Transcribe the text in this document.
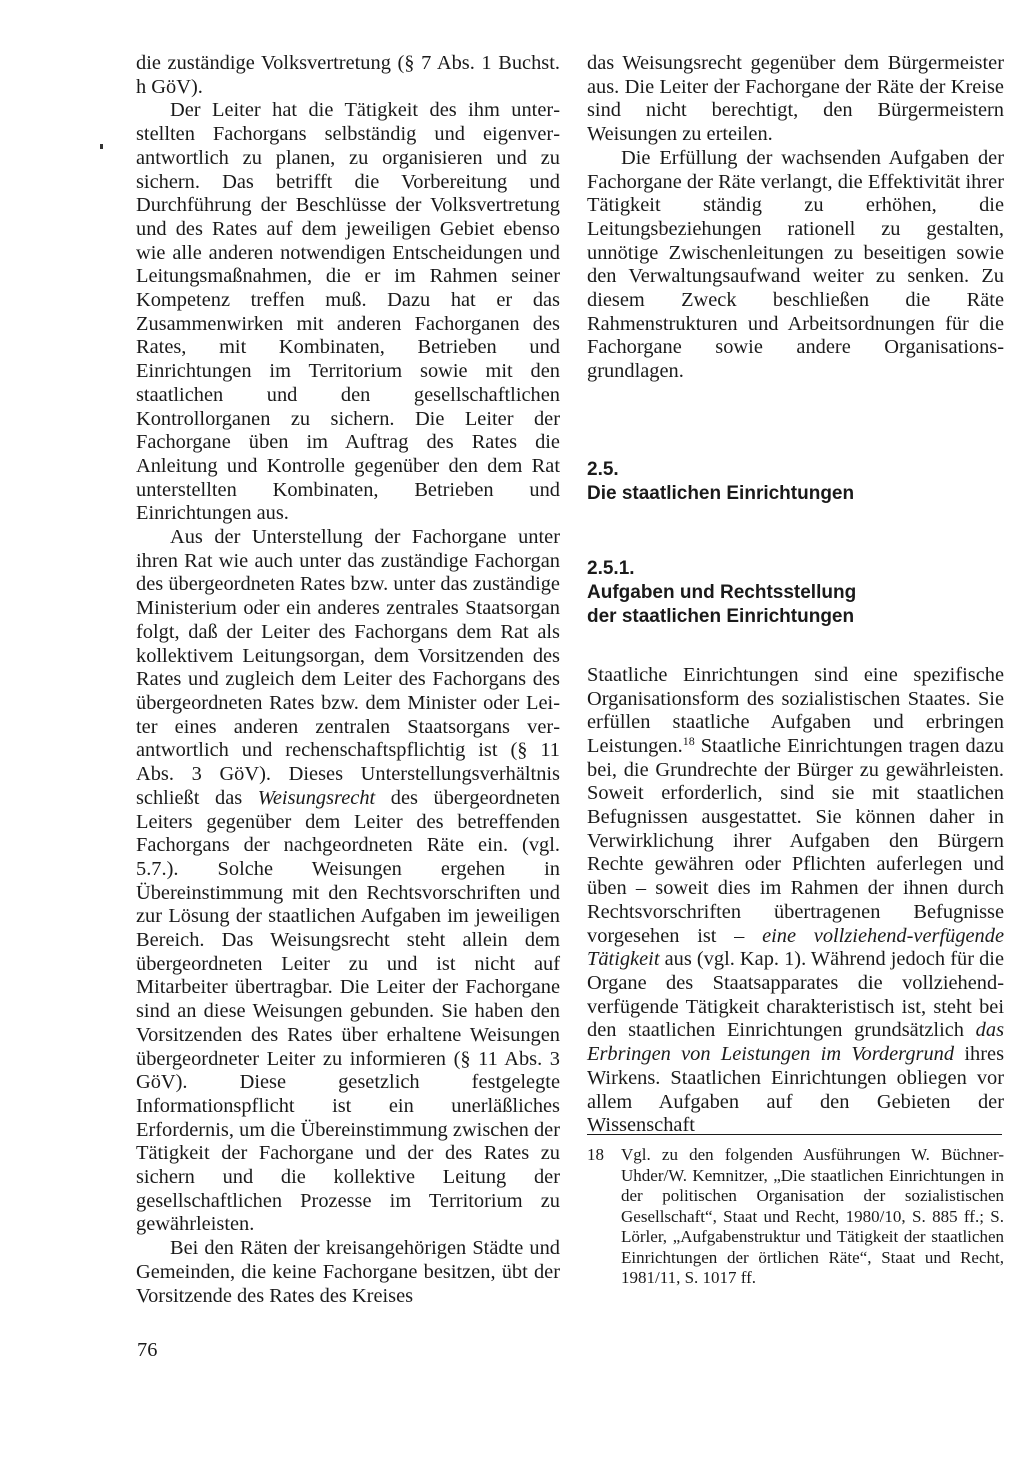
die zuständige Volksvertretung (§ 7 Abs. 1 Buchst. h GöV).

Der Leiter hat die Tätigkeit des ihm unterstellten Fachorgans selbständig und eigenverantwortlich zu planen, zu organisieren und zu sichern. Das betrifft die Vorbereitung und Durchführung der Beschlüsse der Volksvertretung und des Rates auf dem jeweiligen Gebiet ebenso wie alle anderen notwendigen Entscheidungen und Leitungsmaßnahmen, die er im Rahmen seiner Kompetenz treffen muß. Dazu hat er das Zusammenwirken mit anderen Fachorganen des Rates, mit Kombinaten, Betrieben und Einrichtungen im Territorium sowie mit den staatlichen und den gesellschaftlichen Kontrollorganen zu sichern. Die Leiter der Fachorgane üben im Auftrag des Rates die Anleitung und Kontrolle gegenüber den dem Rat unterstellten Kombinaten, Betrieben und Einrichtungen aus.

Aus der Unterstellung der Fachorgane unter ihren Rat wie auch unter das zuständige Fachorgan des übergeordneten Rates bzw. unter das zuständige Ministerium oder ein anderes zentrales Staatsorgan folgt, daß der Leiter des Fachorgans dem Rat als kollektivem Leitungsorgan, dem Vorsitzenden des Rates und zugleich dem Leiter des Fachorgans des übergeordneten Rates bzw. dem Minister oder Leiter eines anderen zentralen Staatsorgans verantwortlich und rechenschaftspflichtig ist (§ 11 Abs. 3 GöV). Dieses Unterstellungsverhältnis schließt das Weisungsrecht des übergeordneten Leiters gegenüber dem Leiter des betreffenden Fachorgans der nachgeordneten Räte ein. (vgl. 5.7.). Solche Weisungen ergehen in Übereinstimmung mit den Rechtsvorschriften und zur Lösung der staatlichen Aufgaben im jeweiligen Bereich. Das Weisungsrecht steht allein dem übergeordneten Leiter zu und ist nicht auf Mitarbeiter übertragbar. Die Leiter der Fachorgane sind an diese Weisungen gebunden. Sie haben den Vorsitzenden des Rates über erhaltene Weisungen übergeordneter Leiter zu informieren (§ 11 Abs. 3 GöV). Diese gesetzlich festgelegte Informationspflicht ist ein unerläßliches Erfordernis, um die Übereinstimmung zwischen der Tätigkeit der Fachorgane und der des Rates zu sichern und die kollektive Leitung der gesellschaftlichen Prozesse im Territorium zu gewährleisten.

Bei den Räten der kreisangehörigen Städte und Gemeinden, die keine Fachorgane besitzen, übt der Vorsitzende des Rates des Kreises

das Weisungsrecht gegenüber dem Bürgermeister aus. Die Leiter der Fachorgane der Räte der Kreise sind nicht berechtigt, den Bürgermeistern Weisungen zu erteilen.

Die Erfüllung der wachsenden Aufgaben der Fachorgane der Räte verlangt, die Effektivität ihrer Tätigkeit ständig zu erhöhen, die Leitungsbeziehungen rationell zu gestalten, unnötige Zwischenleitungen zu beseitigen sowie den Verwaltungsaufwand weiter zu senken. Zu diesem Zweck beschließen die Räte Rahmenstrukturen und Arbeitsordnungen für die Fachorgane sowie andere Organisationsgrundlagen.

2.5.
Die staatlichen Einrichtungen
2.5.1.
Aufgaben und Rechtsstellung
der staatlichen Einrichtungen

Staatliche Einrichtungen sind eine spezifische Organisationsform des sozialistischen Staates. Sie erfüllen staatliche Aufgaben und erbringen Leistungen.$^{18}$ Staatliche Einrichtungen tragen dazu bei, die Grundrechte der Bürger zu gewährleisten. Soweit erforderlich, sind sie mit staatlichen Befugnissen ausgestattet. Sie können daher in Verwirklichung ihrer Aufgaben den Bürgern Rechte gewähren oder Pflichten auferlegen und üben – soweit dies im Rahmen der ihnen durch Rechtsvorschriften übertragenen Befugnisse vorgesehen ist – eine vollziehend-verfügende Tätigkeit aus (vgl. Kap. 1). Während jedoch für die Organe des Staatsapparates die vollziehend-verfügende Tätigkeit charakteristisch ist, steht bei den staatlichen Einrichtungen grundsätzlich das Erbringen von Leistungen im Vordergrund ihres Wirkens. Staatlichen Einrichtungen obliegen vor allem Aufgaben auf den Gebieten der Wissenschaft

18	Vgl. zu den folgenden Ausführungen W. Büchner-Uhder/W. Kemnitzer, „Die staatlichen Einrichtungen in der politischen Organisation der sozialistischen Gesellschaft“, Staat und Recht, 1980/10, S. 885 ff.; S. Lörler, „Aufgabenstruktur und Tätigkeit der staatlichen Einrichtungen der örtlichen Räte“, Staat und Recht, 1981/11, S. 1017 ff.
76
